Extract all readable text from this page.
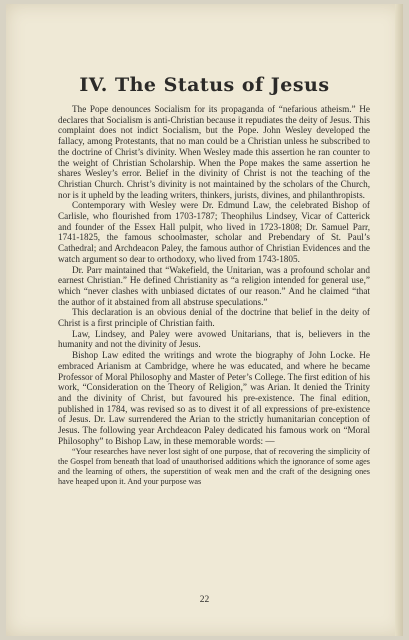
IV. The Status of Jesus

The Pope denounces Socialism for its propaganda of “nefarious atheism.” He declares that Socialism is anti-Christian because it repudiates the deity of Jesus. This complaint does not indict Socialism, but the Pope. John Wesley developed the fallacy, among Protestants, that no man could be a Christian unless he subscribed to the doctrine of Christ’s divinity. When Wesley made this assertion he ran counter to the weight of Christian Scholarship. When the Pope makes the same assertion he shares Wesley’s error. Belief in the divinity of Christ is not the teaching of the Christian Church. Christ’s divinity is not maintained by the scholars of the Church, nor is it upheld by the leading writers, thinkers, jurists, divines, and philanthropists.

Contemporary with Wesley were Dr. Edmund Law, the celebrated Bishop of Carlisle, who flourished from 1703-1787; Theophilus Lindsey, Vicar of Catterick and founder of the Essex Hall pulpit, who lived in 1723-1808; Dr. Samuel Parr, 1741-1825, the famous schoolmaster, scholar and Prebendary of St. Paul’s Cathedral; and Archdeacon Paley, the famous author of Christian Evidences and the watch argument so dear to orthodoxy, who lived from 1743-1805.

Dr. Parr maintained that “Wakefield, the Unitarian, was a profound scholar and earnest Christian.” He defined Christianity as “a religion intended for general use,” which “never clashes with unbiased dictates of our reason.” And he claimed “that the author of it abstained from all abstruse speculations.”

This declaration is an obvious denial of the doctrine that belief in the deity of Christ is a first principle of Christian faith.

Law, Lindsey, and Paley were avowed Unitarians, that is, believers in the humanity and not the divinity of Jesus.

Bishop Law edited the writings and wrote the biography of John Locke. He embraced Arianism at Cambridge, where he was educated, and where he became Professor of Moral Philosophy and Master of Peter’s College. The first edition of his work, “Consideration on the Theory of Religion,” was Arian. It denied the Trinity and the divinity of Christ, but favoured his pre-existence. The final edition, published in 1784, was revised so as to divest it of all expressions of pre-existence of Jesus. Dr. Law surrendered the Arian to the strictly humanitarian conception of Jesus. The following year Archdeacon Paley dedicated his famous work on “Moral Philosophy” to Bishop Law, in these memorable words: —

“Your researches have never lost sight of one purpose, that of recovering the simplicity of the Gospel from beneath that load of unauthorised additions which the ignorance of some ages and the learning of others, the superstition of weak men and the craft of the designing ones have heaped upon it. And your purpose was

22
